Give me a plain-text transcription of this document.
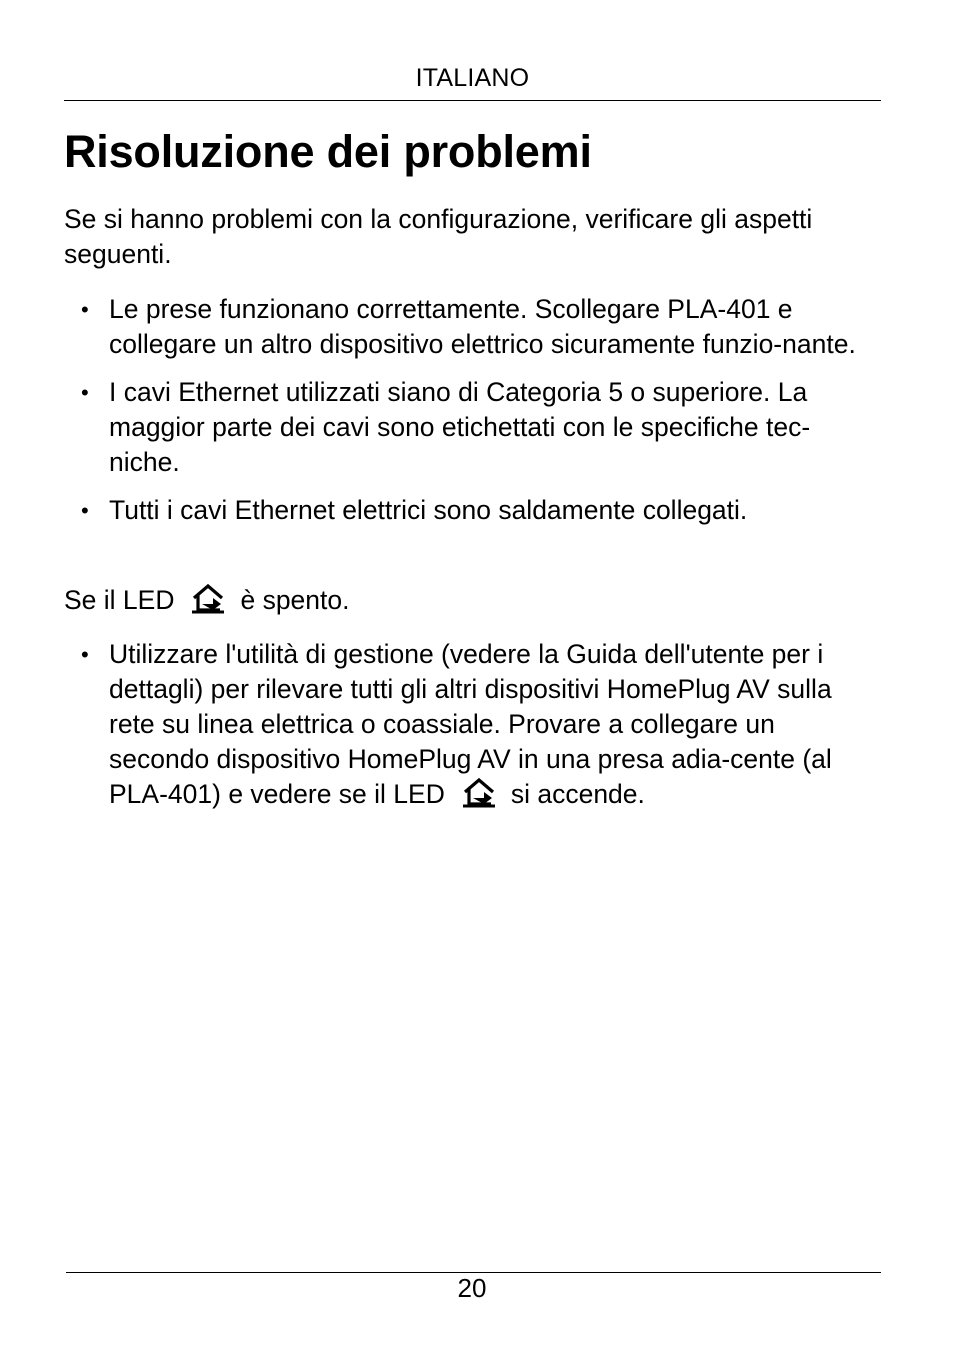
ITALIANO
Risoluzione dei problemi

Se si hanno problemi con la configurazione, verificare gli aspetti seguenti.

• Le prese funzionano correttamente. Scollegare PLA-401 e collegare un altro dispositivo elettrico sicuramente funzio-nante.
• I cavi Ethernet utilizzati siano di Categoria 5 o superiore. La maggior parte dei cavi sono etichettati con le specifiche tec-niche.
• Tutti i cavi Ethernet elettrici sono saldamente collegati.

Se il LED è spento.

• Utilizzare l'utilità di gestione (vedere la Guida dell'utente per i dettagli) per rilevare tutti gli altri dispositivi HomePlug AV sulla rete su linea elettrica o coassiale. Provare a collegare un secondo dispositivo HomePlug AV in una presa adia-cente (al PLA-401) e vedere se il LED si accende.
20
